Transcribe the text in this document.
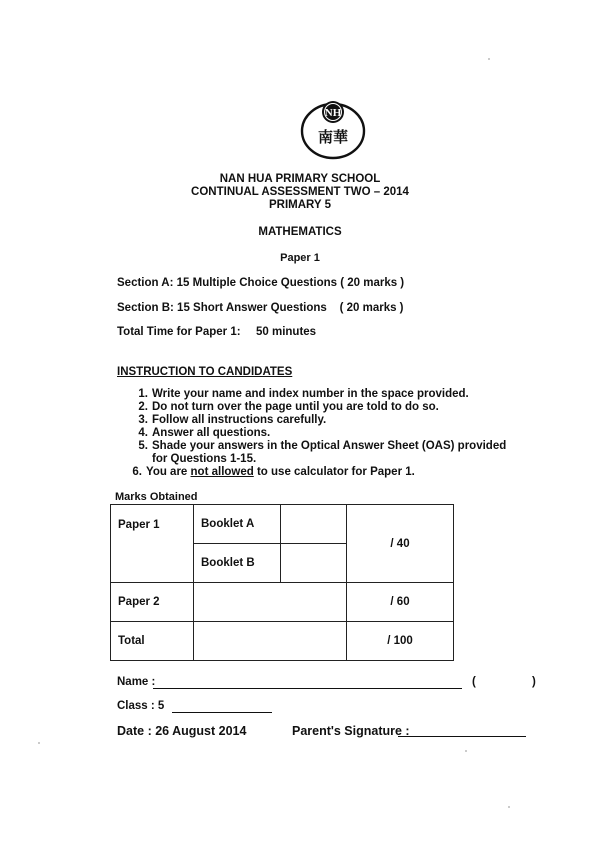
NH
南華
NAN HUA PRIMARY SCHOOL
CONTINUAL ASSESSMENT TWO – 2014
PRIMARY 5
MATHEMATICS
Paper 1
Section A: 15 Multiple Choice Questions ( 20 marks )
Section B: 15 Short Answer Questions    ( 20 marks )
Total Time for Paper 1: 50 minutes
INSTRUCTION TO CANDIDATES
1. Write your name and index number in the space provided.
2. Do not turn over the page until you are told to do so.
3. Follow all instructions carefully.
4. Answer all questions.
5. Shade your answers in the Optical Answer Sheet (OAS) provided
for Questions 1-15.
6. You are not allowed to use calculator for Paper 1.
Marks Obtained
Paper 1	Booklet A		/ 40
	Booklet B		
Paper 2			/ 60
Total			/ 100
Name :	(	)
Class : 5
Date : 26 August 2014	Parent's Signature :
